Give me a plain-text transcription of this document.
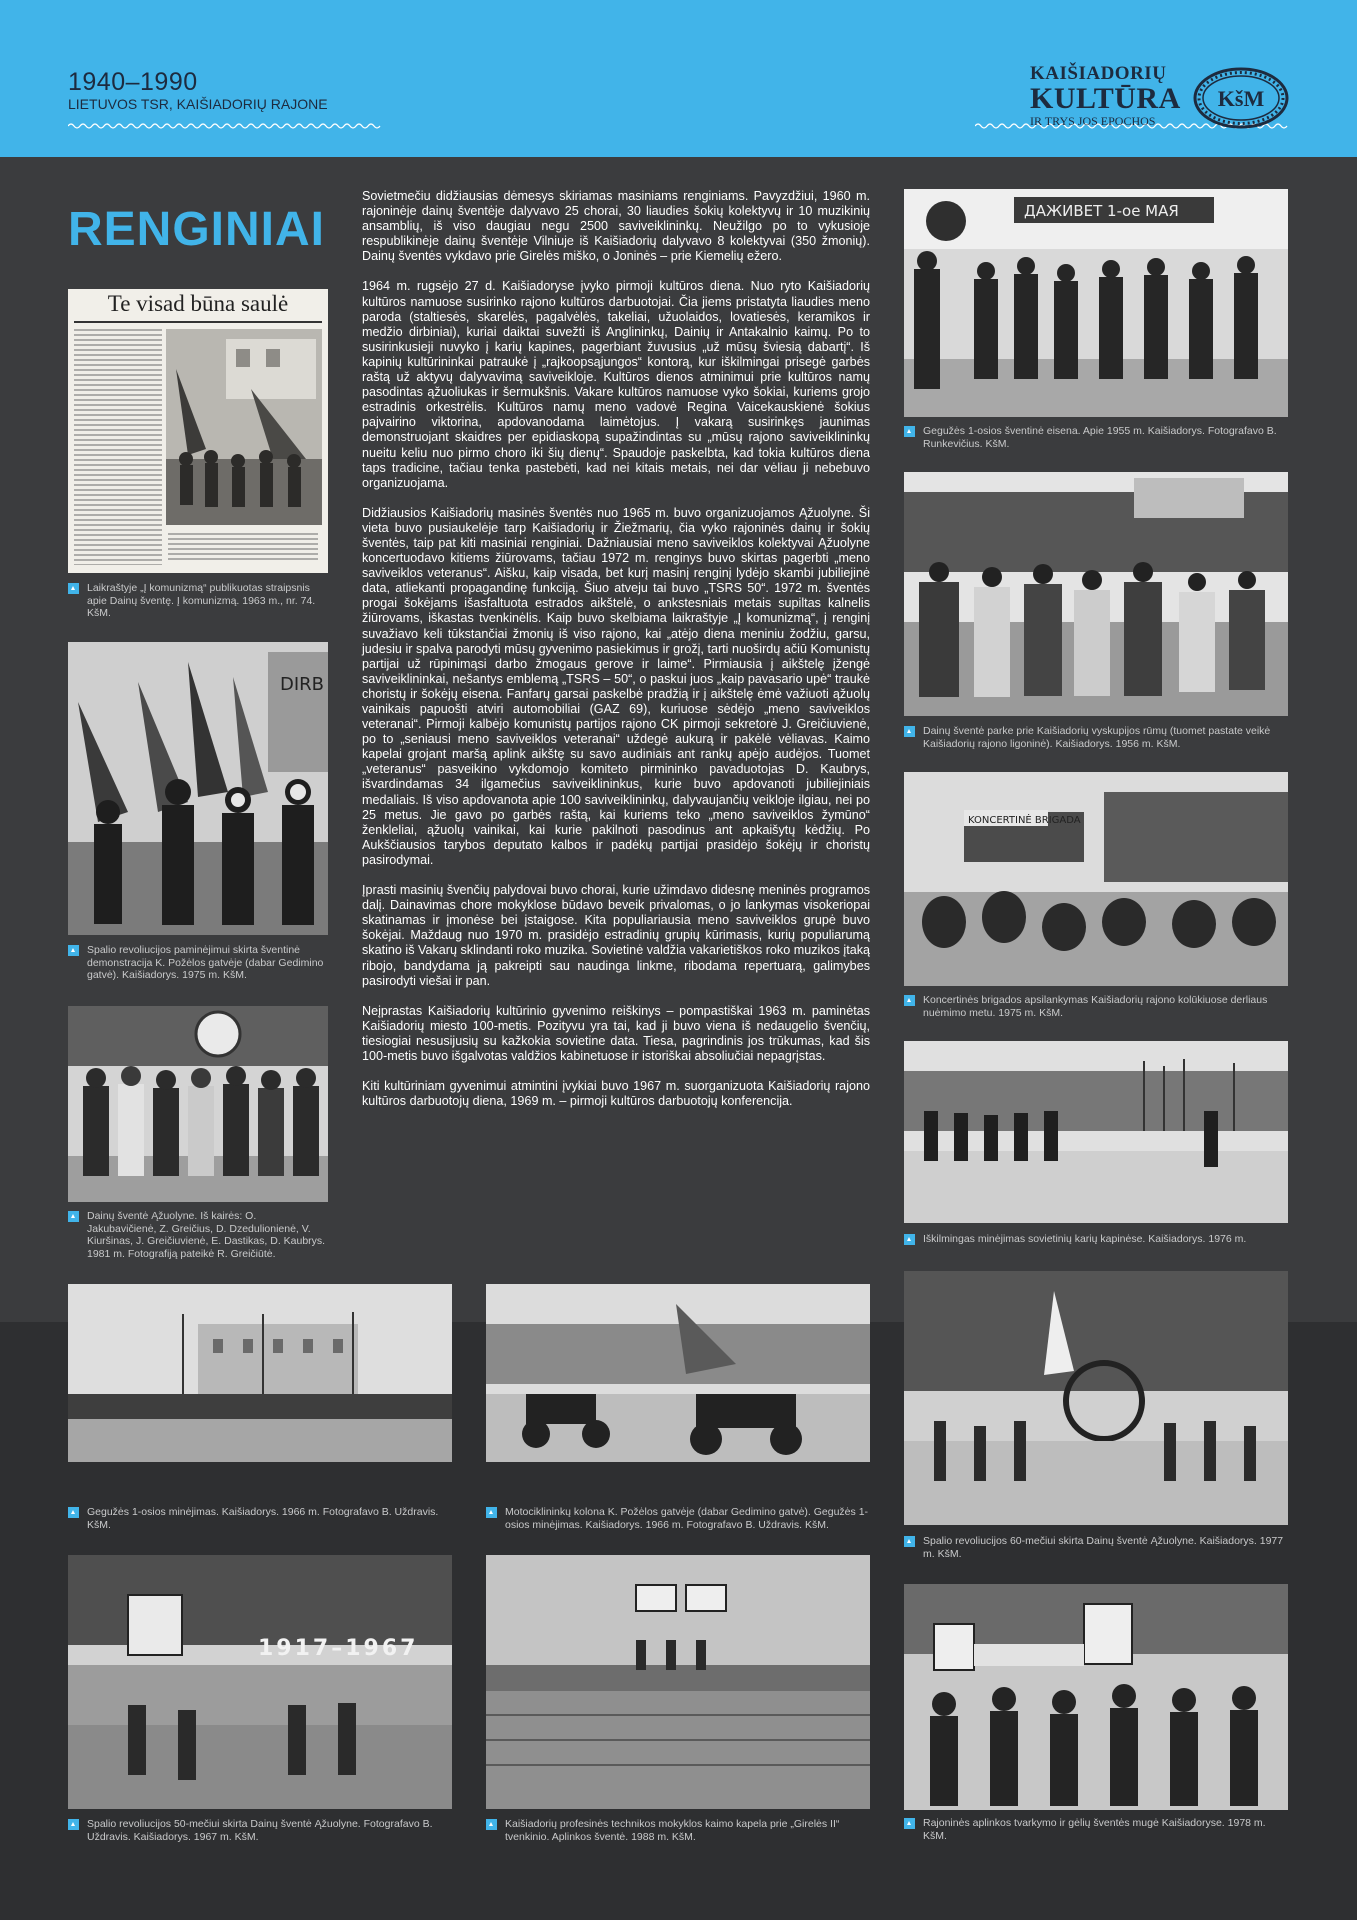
1940–1990
LIETUVOS TSR, KAIŠIADORIŲ RAJONE
KAIŠIADORIŲ
KULTŪRA
IR TRYS JOS EPOCHOS
KšM
RENGINIAI
Te visad būna saulė
Laikraštyje „Į komunizmą“ publikuotas straipsnis apie Dainų šventę. Į komunizmą. 1963 m., nr. 74. KšM.
DIRB
Spalio revoliucijos paminėjimui skirta šventinė demonstracija K. Požėlos gatvėje (dabar Gedimino gatvė). Kaišiadorys. 1975 m. KšM.
Dainų šventė Ąžuolyne. Iš kairės: O. Jakubavičienė, Z. Greičius, D. Dzedulionienė, V. Kiuršinas, J. Greičiuvienė, E. Dastikas, D. Kaubrys. 1981 m. Fotografiją pateikė R. Greičiūtė.

Sovietmečiu didžiausias dėmesys skiriamas masiniams renginiams. Pavyzdžiui, 1960 m. rajoninėje dainų šventėje dalyvavo 25 chorai, 30 liaudies šokių kolektyvų ir 10 muzikinių ansamblių, iš viso daugiau negu 2500 saviveiklininkų. Neužilgo po to vykusioje respublikinėje dainų šventėje Vilniuje iš Kaišiadorių dalyvavo 8 kolektyvai (350 žmonių). Dainų šventės vykdavo prie Girelės miško, o Joninės – prie Kiemelių ežero.

1964 m. rugsėjo 27 d. Kaišiadoryse įvyko pirmoji kultūros diena. Nuo ryto Kaišiadorių kultūros namuose susirinko rajono kultūros darbuotojai. Čia jiems pristatyta liaudies meno paroda (staltiesės, skarelės, pagalvėlės, takeliai, užuolaidos, lovatiesės, keramikos ir medžio dirbiniai), kuriai daiktai suvežti iš Anglininkų, Dainių ir Antakalnio kaimų. Po to susirinkusieji nuvyko į karių kapines, pagerbiant žuvusius „už mūsų šviesią dabartį“. Iš kapinių kultūrininkai patraukė į „rajkoopsąjungos“ kontorą, kur iškilmingai prisegė garbės raštą už aktyvų dalyvavimą saviveikloje. Kultūros dienos atminimui prie kultūros namų pasodintas ąžuoliukas ir šermukšnis. Vakare kultūros namuose vyko šokiai, kuriems grojo estradinis orkestrėlis. Kultūros namų meno vadovė Regina Vaicekauskienė šokius pajvairino viktorina, apdovanodama laimėtojus. Į vakarą susirinkęs jaunimas demonstruojant skaidres per epidiaskopą supažindintas su „mūsų rajono saviveiklininkų nueitu keliu nuo pirmo choro iki šių dienų“. Spaudoje paskelbta, kad tokia kultūros diena taps tradicine, tačiau tenka pastebėti, kad nei kitais metais, nei dar vėliau ji nebebuvo organizuojama.

Didžiausios Kaišiadorių masinės šventės nuo 1965 m. buvo organizuojamos Ąžuolyne. Ši vieta buvo pusiaukelėje tarp Kaišiadorių ir Žiežmarių, čia vyko rajoninės dainų ir šokių šventės, taip pat kiti masiniai renginiai. Dažniausiai meno saviveiklos kolektyvai Ąžuolyne koncertuodavo kitiems žiūrovams, tačiau 1972 m. renginys buvo skirtas pagerbti „meno saviveiklos veteranus“. Aišku, kaip visada, bet kurį masinį renginį lydėjo skambi jubiliejinė data, atliekanti propagandinę funkciją. Šiuo atveju tai buvo „TSRS 50“. 1972 m. šventės progai šokėjams išasfaltuota estrados aikštelė, o ankstesniais metais supiltas kalnelis žiūrovams, iškastas tvenkinėlis. Kaip buvo skelbiama laikraštyje „Į komunizmą“, į renginį suvažiavo keli tūkstančiai žmonių iš viso rajono, kai „atėjo diena meniniu žodžiu, garsu, judesiu ir spalva parodyti mūsų gyvenimo pasiekimus ir grožį, tarti nuoširdų ačiū Komunistų partijai už rūpinimąsi darbo žmogaus gerove ir laime“. Pirmiausia į aikštelę įžengė saviveiklininkai, nešantys emblemą „TSRS – 50“, o paskui juos „kaip pavasario upė“ traukė choristų ir šokėjų eisena. Fanfarų garsai paskelbė pradžią ir į aikštelę ėmė važiuoti ąžuolų vainikais papuošti atviri automobiliai (GAZ 69), kuriuose sėdėjo „meno saviveiklos veteranai“. Pirmoji kalbėjo komunistų partijos rajono CK pirmoji sekretorė J. Greičiuvienė, po to „seniausi meno saviveiklos veteranai“ uždegė aukurą ir pakėlė vėliavas. Kaimo kapelai grojant maršą aplink aikštę su savo audiniais ant rankų apėjo audėjos. Tuomet „veteranus“ pasveikino vykdomojo komiteto pirmininko pavaduotojas D. Kaubrys, išvardindamas 34 ilgamečius saviveiklininkus, kurie buvo apdovanoti jubiliejiniais medaliais. Iš viso apdovanota apie 100 saviveiklininkų, dalyvaujančių veikloje ilgiau, nei po 25 metus. Jie gavo po garbės raštą, kai kuriems teko „meno saviveiklos žymūno“ ženkleliai, ąžuolų vainikai, kai kurie pakilnoti pasodinus ant apkaišytų kėdžių. Po Aukščiausios tarybos deputato kalbos ir padėkų partijai prasidėjo šokėjų ir choristų pasirodymai.

Įprasti masinių švenčių palydovai buvo chorai, kurie užimdavo didesnę meninės programos dalį. Dainavimas chore mokyklose būdavo beveik privalomas, o jo lankymas visokeriopai skatinamas ir įmonėse bei įstaigose. Kita populiariausia meno saviveiklos grupė buvo šokėjai. Maždaug nuo 1970 m. prasidėjo estradinių grupių kūrimasis, kurių populiarumą skatino iš Vakarų sklindanti roko muzika. Sovietinė valdžia vakarietiškos roko muzikos įtaką ribojo, bandydama ją pakreipti sau naudinga linkme, ribodama repertuarą, galimybes pasirodyti viešai ir pan.

Neįprastas Kaišiadorių kultūrinio gyvenimo reiškinys – pompastiškai 1963 m. paminėtas Kaišiadorių miesto 100-metis. Pozityvu yra tai, kad ji buvo viena iš nedaugelio švenčių, tiesiogiai nesusijusių su kažkokia sovietine data. Tiesa, pagrindinis jos trūkumas, kad šis 100-metis buvo išgalvotas valdžios kabinetuose ir istoriškai absoliučiai nepagrįstas.

Kiti kultūriniam gyvenimui atmintini įvykiai buvo 1967 m. suorganizuota Kaišiadorių rajono kultūros darbuotojų diena, 1969 m. – pirmoji kultūros darbuotojų konferencija.

ДАЖИВЕТ 1-ое МАЯ
Gegužės 1-osios šventinė eisena. Apie 1955 m. Kaišiadorys. Fotografavo B. Runkevičius. KšM.
Dainų šventė parke prie Kaišiadorių vyskupijos rūmų (tuomet pastate veikė Kaišiadorių rajono ligoninė). Kaišiadorys. 1956 m. KšM.
KONCERTINĖ BRIGADA
Koncertinės brigados apsilankymas Kaišiadorių rajono kolūkiuose derliaus nuėmimo metu. 1975 m. KšM.
Iškilmingas minėjimas sovietinių karių kapinėse. Kaišiadorys. 1976 m.
Spalio revoliucijos 60-mečiui skirta Dainų šventė Ąžuolyne. Kaišiadorys. 1977 m. KšM.
Rajoninės aplinkos tvarkymo ir gėlių šventės mugė Kaišiadoryse. 1978 m. KšM.
Gegužės 1-osios minėjimas. Kaišiadorys. 1966 m. Fotografavo B. Uždravis. KšM.
Motociklininkų kolona K. Požėlos gatvėje (dabar Gedimino gatvė). Gegužės 1-osios minėjimas. Kaišiadorys. 1966 m. Fotografavo B. Uždravis. KšM.
1917–1967
Spalio revoliucijos 50-mečiui skirta Dainų šventė Ąžuolyne. Fotografavo B. Uždravis. Kaišiadorys. 1967 m. KšM.
Kaišiadorių profesinės technikos mokyklos kaimo kapela prie „Girelės II“ tvenkinio. Aplinkos šventė. 1988 m. KšM.
